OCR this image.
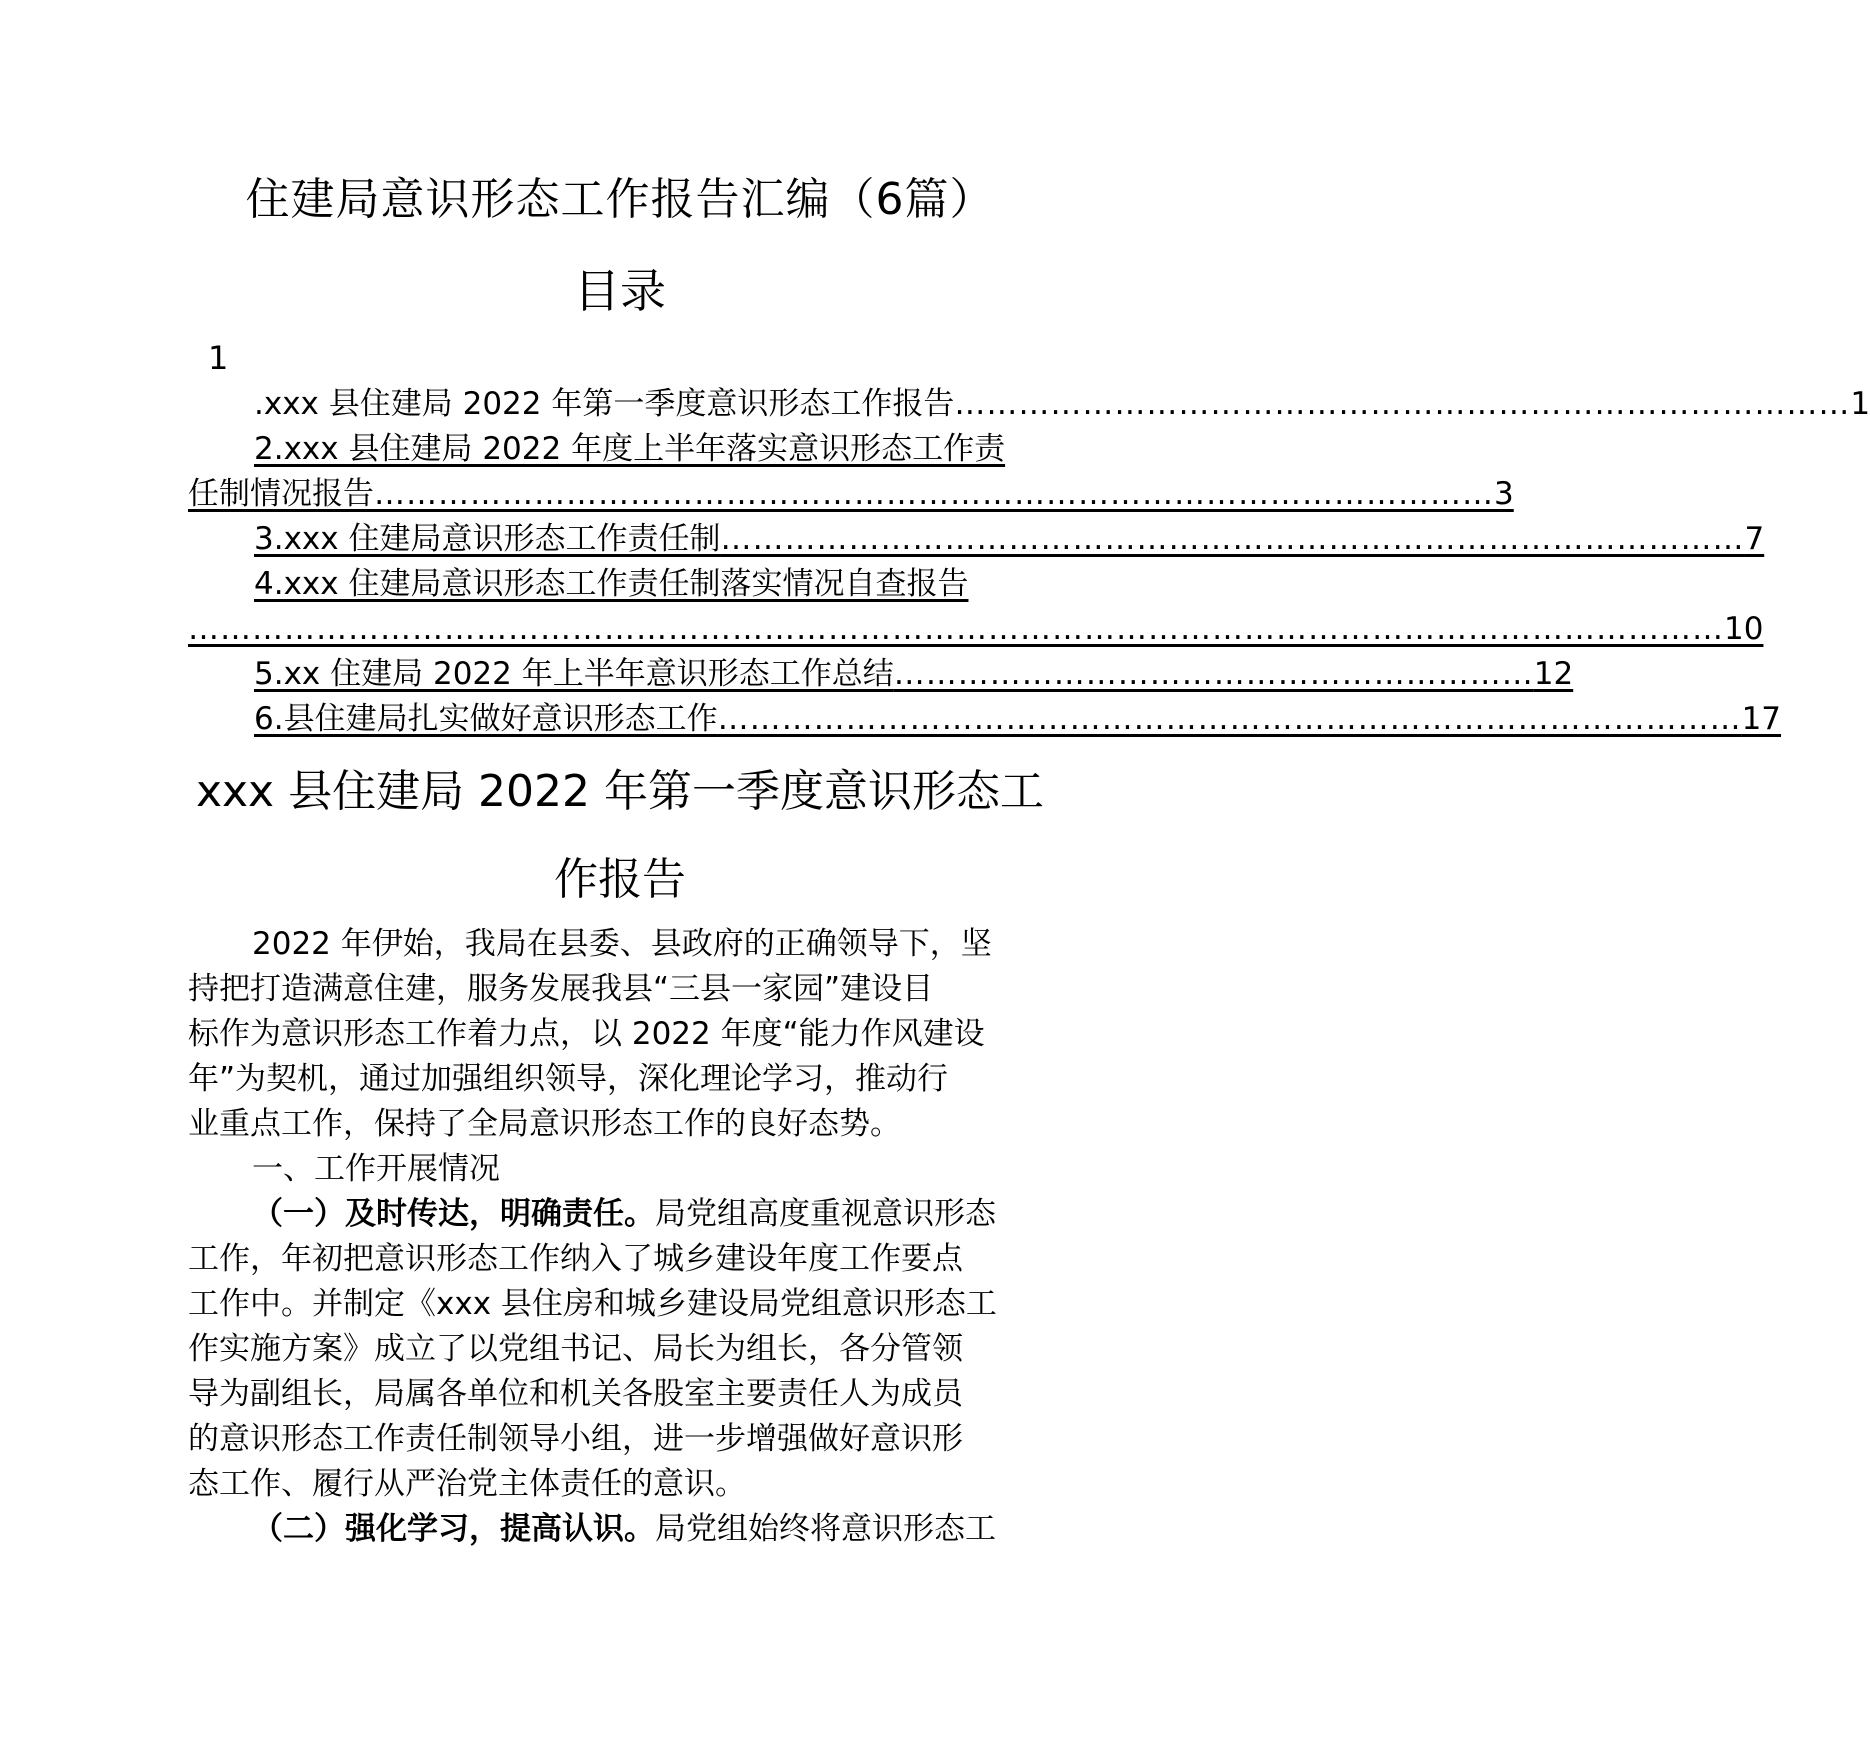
住建局意识形态工作报告汇编（6篇）
目录
1
.xxx 县住建局 2022 年第一季度意识形态工作报告 ………………………………………………………………………… 1
2.xxx 县住建局 2022 年度上半年落实意识形态工作责
任制情况报告 …………………………………………………………………………………………… 3
3.xxx 住建局意识形态工作责任制 …………………………………………………………………………………… 7
4.xxx 住建局意识形态工作责任制落实情况自查报告
……………………………………………………………………………………………………………………………… 10
5.xx 住建局 2022 年上半年意识形态工作总结 …………………………………………………… 12
6.县住建局扎实做好意识形态工作 …………………………………………………………………………………… 17
xxx 县住建局 2022 年第一季度意识形态工
作报告
2022 年伊始，我局在县委、县政府的正确领导下，坚
持把打造满意住建，服务发展我县“三县一家园”建设目
标作为意识形态工作着力点，以 2022 年度“能力作风建设
年”为契机，通过加强组织领导，深化理论学习，推动行
业重点工作，保持了全局意识形态工作的良好态势。
一、工作开展情况
（一）及时传达，明确责任。局党组高度重视意识形态
工作，年初把意识形态工作纳入了城乡建设年度工作要点
工作中。并制定《xxx 县住房和城乡建设局党组意识形态工
作实施方案》成立了以党组书记、局长为组长，各分管领
导为副组长，局属各单位和机关各股室主要责任人为成员
的意识形态工作责任制领导小组，进一步增强做好意识形
态工作、履行从严治党主体责任的意识。
（二）强化学习，提高认识。局党组始终将意识形态工
